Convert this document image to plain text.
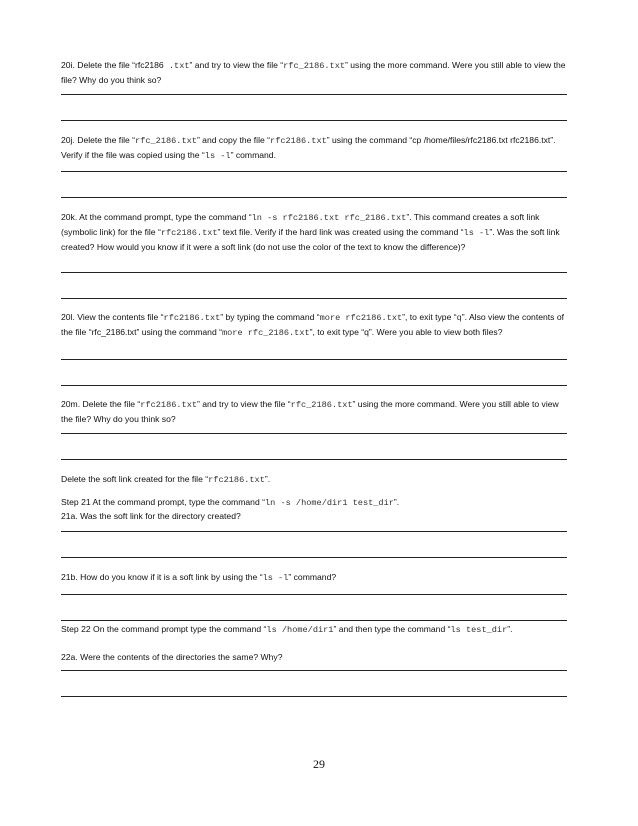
20i. Delete the file “rfc2186 .txt” and try to view the file “rfc_2186.txt” using the more command. Were you still able to view the file? Why do you think so?

20j. Delete the file “rfc_2186.txt” and copy the file “rfc2186.txt” using the command “cp /home/files/rfc2186.txt rfc2186.txt”. Verify if the file was copied using the “ls -l” command.

20k. At the command prompt, type the command “ln -s rfc2186.txt rfc_2186.txt”. This command creates a soft link (symbolic link) for the file “rfc2186.txt” text file. Verify if the hard link was created using the command “ls -l”. Was the soft link created? How would you know if it were a soft link (do not use the color of the text to know the difference)?

20l. View the contents file “rfc2186.txt” by typing the command “more rfc2186.txt”, to exit type “q”. Also view the contents of the file “rfc_2186.txt” using the command “more rfc_2186.txt”, to exit type “q”. Were you able to view both files?

20m. Delete the file “rfc2186.txt” and try to view the file “rfc_2186.txt” using the more command. Were you still able to view the file? Why do you think so?

Delete the soft link created for the file “rfc2186.txt”.

Step 21 At the command prompt, type the command “ln -s /home/dir1 test_dir”.

21a. Was the soft link for the directory created?

21b. How do you know if it is a soft link by using the “ls -l” command?

Step 22 On the command prompt type the command “ls /home/dir1” and then type the command “ls test_dir”.

22a. Were the contents of the directories the same? Why?

29
